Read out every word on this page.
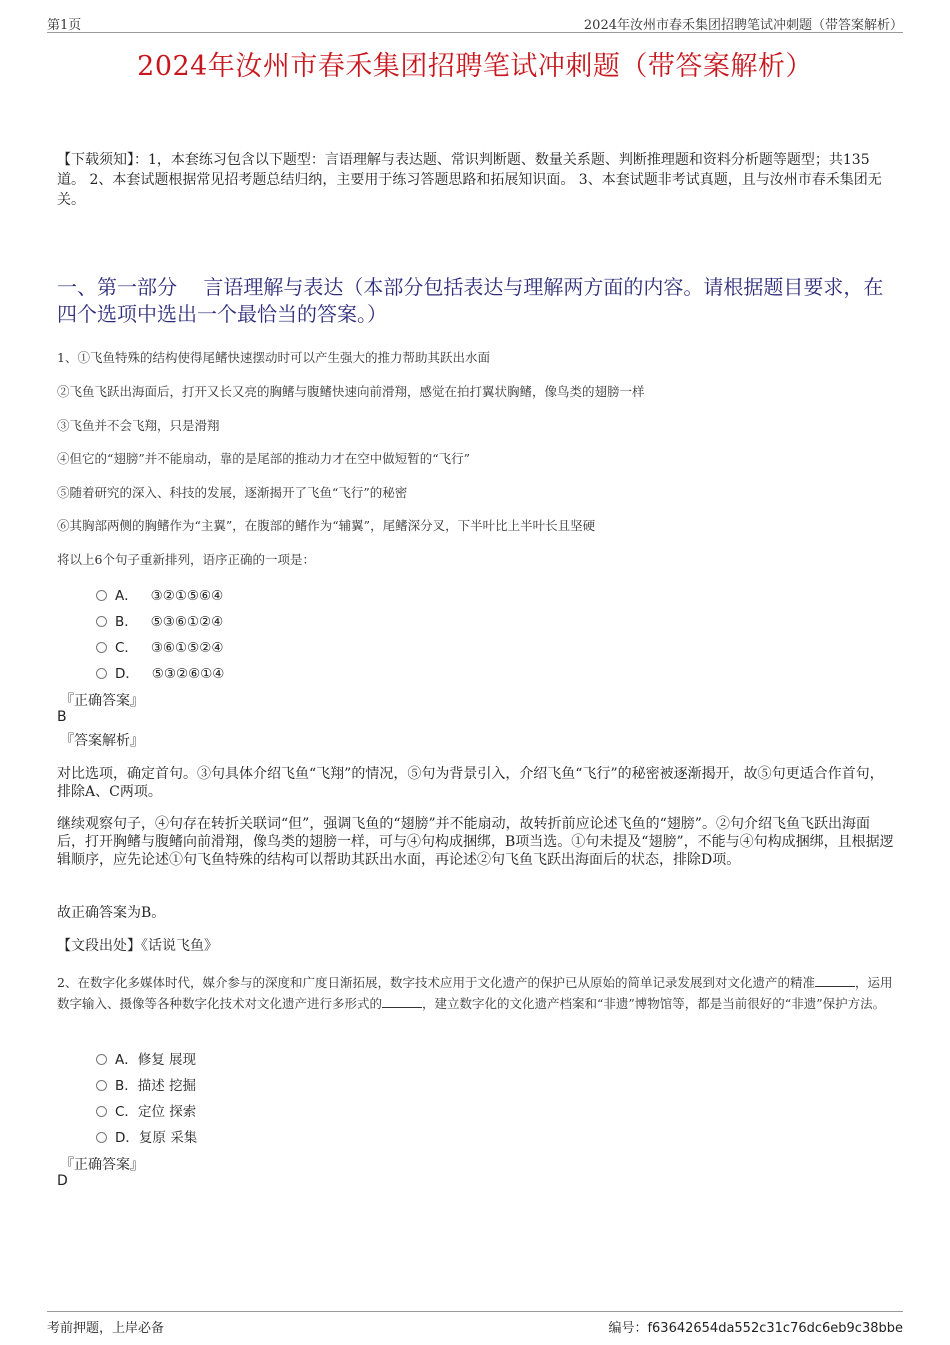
第1页	2024年汝州市春禾集团招聘笔试冲刺题（带答案解析）
2024年汝州市春禾集团招聘笔试冲刺题（带答案解析）
【下载须知】：1，本套练习包含以下题型：言语理解与表达题、常识判断题、数量关系题、判断推理题和资料分析题等题型；共135道。 2、本套试题根据常见招考题总结归纳，主要用于练习答题思路和拓展知识面。 3、本套试题非考试真题，且与汝州市春禾集团无关。
一、第一部分　 言语理解与表达（本部分包括表达与理解两方面的内容。请根据题目要求，在四个选项中选出一个最恰当的答案。）
1、①飞鱼特殊的结构使得尾鳍快速摆动时可以产生强大的推力帮助其跃出水面
②飞鱼飞跃出海面后，打开又长又亮的胸鳍与腹鳍快速向前滑翔，感觉在拍打翼状胸鳍，像鸟类的翅膀一样
③飞鱼并不会飞翔，只是滑翔
④但它的“翅膀”并不能扇动，靠的是尾部的推动力才在空中做短暂的“飞行”
⑤随着研究的深入、科技的发展，逐渐揭开了飞鱼“飞行”的秘密
⑥其胸部两侧的胸鳍作为“主翼”，在腹部的鳍作为“辅翼”，尾鳍深分叉，下半叶比上半叶长且坚硬
将以上6个句子重新排列，语序正确的一项是：
A． ③②①⑤⑥④
B． ⑤③⑥①②④
C． ③⑥①⑤②④
D． ⑤③②⑥①④
『正确答案』
B
『答案解析』
对比选项，确定首句。③句具体介绍飞鱼“飞翔”的情况，⑤句为背景引入，介绍飞鱼“飞行”的秘密被逐渐揭开，故⑤句更适合作首句，排除A、C两项。
继续观察句子，④句存在转折关联词“但”，强调飞鱼的“翅膀”并不能扇动，故转折前应论述飞鱼的“翅膀”。②句介绍飞鱼飞跃出海面后，打开胸鳍与腹鳍向前滑翔，像鸟类的翅膀一样，可与④句构成捆绑，B项当选。①句未提及“翅膀”，不能与④句构成捆绑，且根据逻辑顺序，应先论述①句飞鱼特殊的结构可以帮助其跃出水面，再论述②句飞鱼飞跃出海面后的状态，排除D项。
故正确答案为B。
【文段出处】《话说飞鱼》
2、在数字化多媒体时代，媒介参与的深度和广度日渐拓展，数字技术应用于文化遗产的保护已从原始的简单记录发展到对文化遗产的精准	，运用数字输入、摄像等各种数字化技术对文化遗产进行多形式的	，建立数字化的文化遗产档案和“非遗”博物馆等，都是当前很好的“非遗”保护方法。
A．修复 展现
B．描述 挖掘
C．定位 探索
D．复原 采集
『正确答案』
D
考前押题，上岸必备	编号：f63642654da552c31c76dc6eb9c38bbe
